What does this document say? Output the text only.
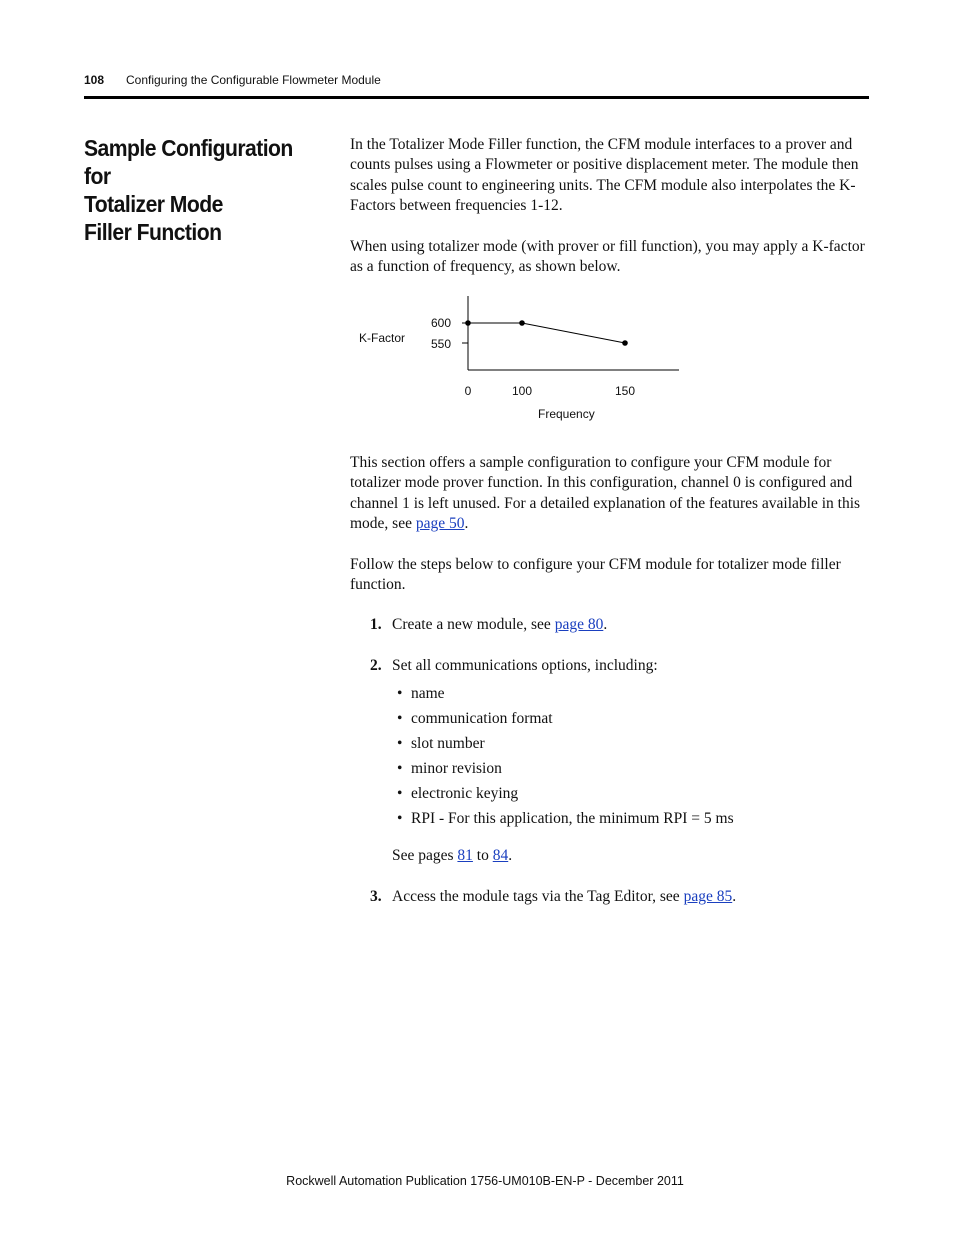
108 Configuring the Configurable Flowmeter Module
Sample Configuration for
Totalizer Mode
Filler Function
In the Totalizer Mode Filler function, the CFM module interfaces to a prover and counts pulses using a Flowmeter or positive displacement meter. The module then scales pulse count to engineering units. The CFM module also interpolates the K-Factors between frequencies 1-12.
When using totalizer mode (with prover or fill function), you may apply a K-factor as a function of frequency, as shown below.
K-Factor
Frequency
600
550
0	100	150
This section offers a sample configuration to configure your CFM module for totalizer mode prover function. In this configuration, channel 0 is configured and channel 1 is left unused. For a detailed explanation of the features available in this mode, see page 50.
Follow the steps below to configure your CFM module for totalizer mode filler function.
1. Create a new module, see page 80.
2. Set all communications options, including:
• name
• communication format
• slot number
• minor revision
• electronic keying
• RPI - For this application, the minimum RPI = 5 ms
See pages 81 to 84.
3. Access the module tags via the Tag Editor, see page 85.
Rockwell Automation Publication 1756-UM010B-EN-P - December 2011
